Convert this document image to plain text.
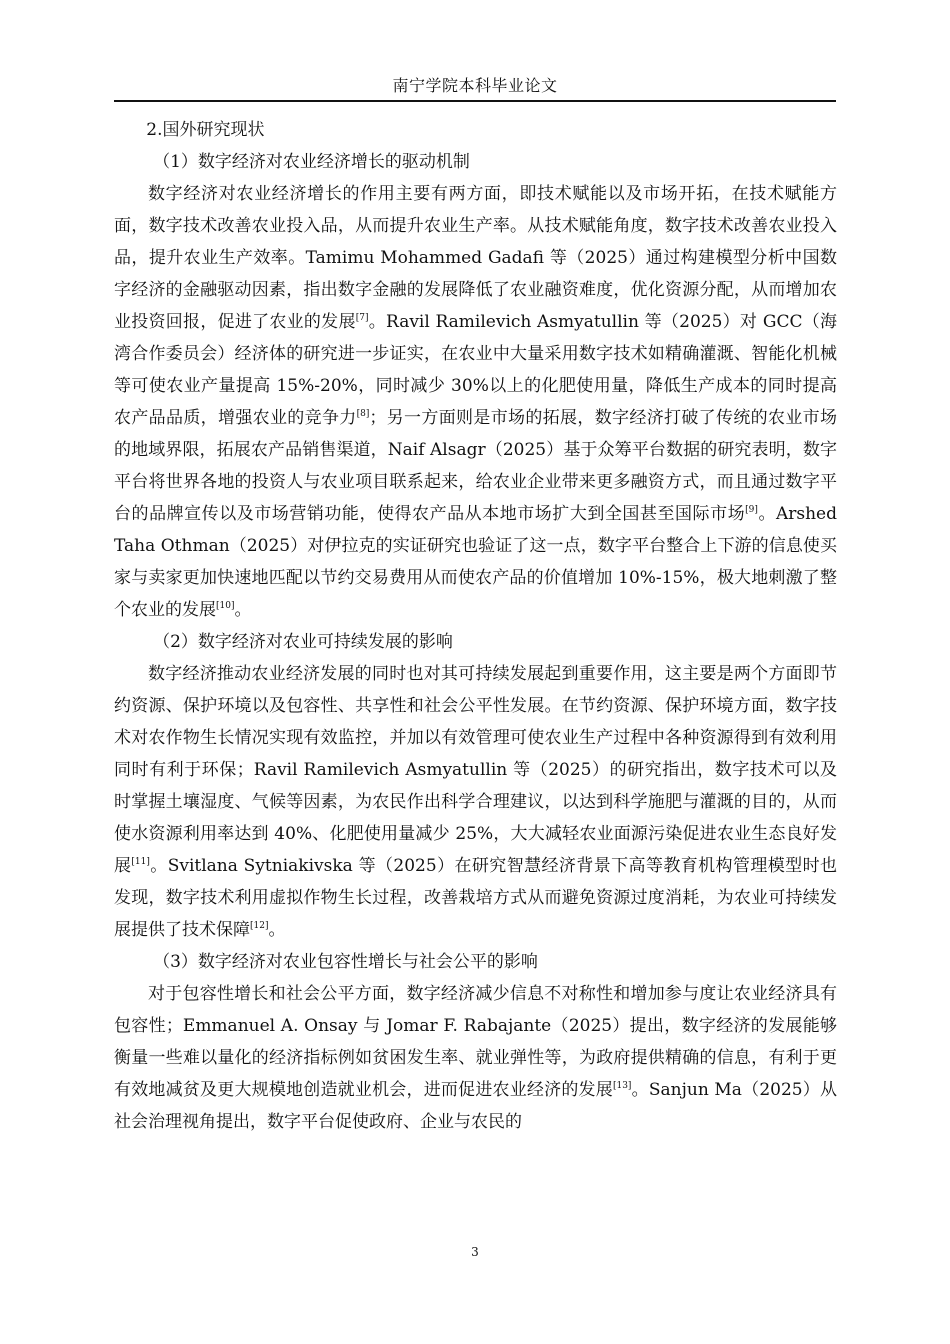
南宁学院本科毕业论文

2.国外研究现状

（1）数字经济对农业经济增长的驱动机制

数字经济对农业经济增长的作用主要有两方面，即技术赋能以及市场开拓，在技术赋能方面，数字技术改善农业投入品，从而提升农业生产率。从技术赋能角度，数字技术改善农业投入品，提升农业生产效率。Tamimu Mohammed Gadafi 等（2025）通过构建模型分析中国数字经济的金融驱动因素，指出数字金融的发展降低了农业融资难度，优化资源分配，从而增加农业投资回报，促进了农业的发展[7]。Ravil Ramilevich Asmyatullin 等（2025）对 GCC（海湾合作委员会）经济体的研究进一步证实，在农业中大量采用数字技术如精确灌溉、智能化机械等可使农业产量提高 15%-20%，同时减少 30%以上的化肥使用量，降低生产成本的同时提高农产品品质，增强农业的竞争力[8]；另一方面则是市场的拓展，数字经济打破了传统的农业市场的地域界限，拓展农产品销售渠道，Naif Alsagr（2025）基于众筹平台数据的研究表明，数字平台将世界各地的投资人与农业项目联系起来，给农业企业带来更多融资方式，而且通过数字平台的品牌宣传以及市场营销功能，使得农产品从本地市场扩大到全国甚至国际市场[9]。Arshed Taha Othman（2025）对伊拉克的实证研究也验证了这一点，数字平台整合上下游的信息使买家与卖家更加快速地匹配以节约交易费用从而使农产品的价值增加 10%-15%，极大地刺激了整个农业的发展[10]。

（2）数字经济对农业可持续发展的影响

数字经济推动农业经济发展的同时也对其可持续发展起到重要作用，这主要是两个方面即节约资源、保护环境以及包容性、共享性和社会公平性发展。在节约资源、保护环境方面，数字技术对农作物生长情况实现有效监控，并加以有效管理可使农业生产过程中各种资源得到有效利用同时有利于环保；Ravil Ramilevich Asmyatullin 等（2025）的研究指出，数字技术可以及时掌握土壤湿度、气候等因素，为农民作出科学合理建议，以达到科学施肥与灌溉的目的，从而使水资源利用率达到 40%、化肥使用量减少 25%，大大减轻农业面源污染促进农业生态良好发展[11]。Svitlana Sytniakivska 等（2025）在研究智慧经济背景下高等教育机构管理模型时也发现，数字技术利用虚拟作物生长过程，改善栽培方式从而避免资源过度消耗，为农业可持续发展提供了技术保障[12]。

（3）数字经济对农业包容性增长与社会公平的影响

对于包容性增长和社会公平方面，数字经济减少信息不对称性和增加参与度让农业经济具有包容性；Emmanuel A. Onsay 与 Jomar F. Rabajante（2025）提出，数字经济的发展能够衡量一些难以量化的经济指标例如贫困发生率、就业弹性等，为政府提供精确的信息，有利于更有效地减贫及更大规模地创造就业机会，进而促进农业经济的发展[13]。Sanjun Ma（2025）从社会治理视角提出，数字平台促使政府、企业与农民的

3
